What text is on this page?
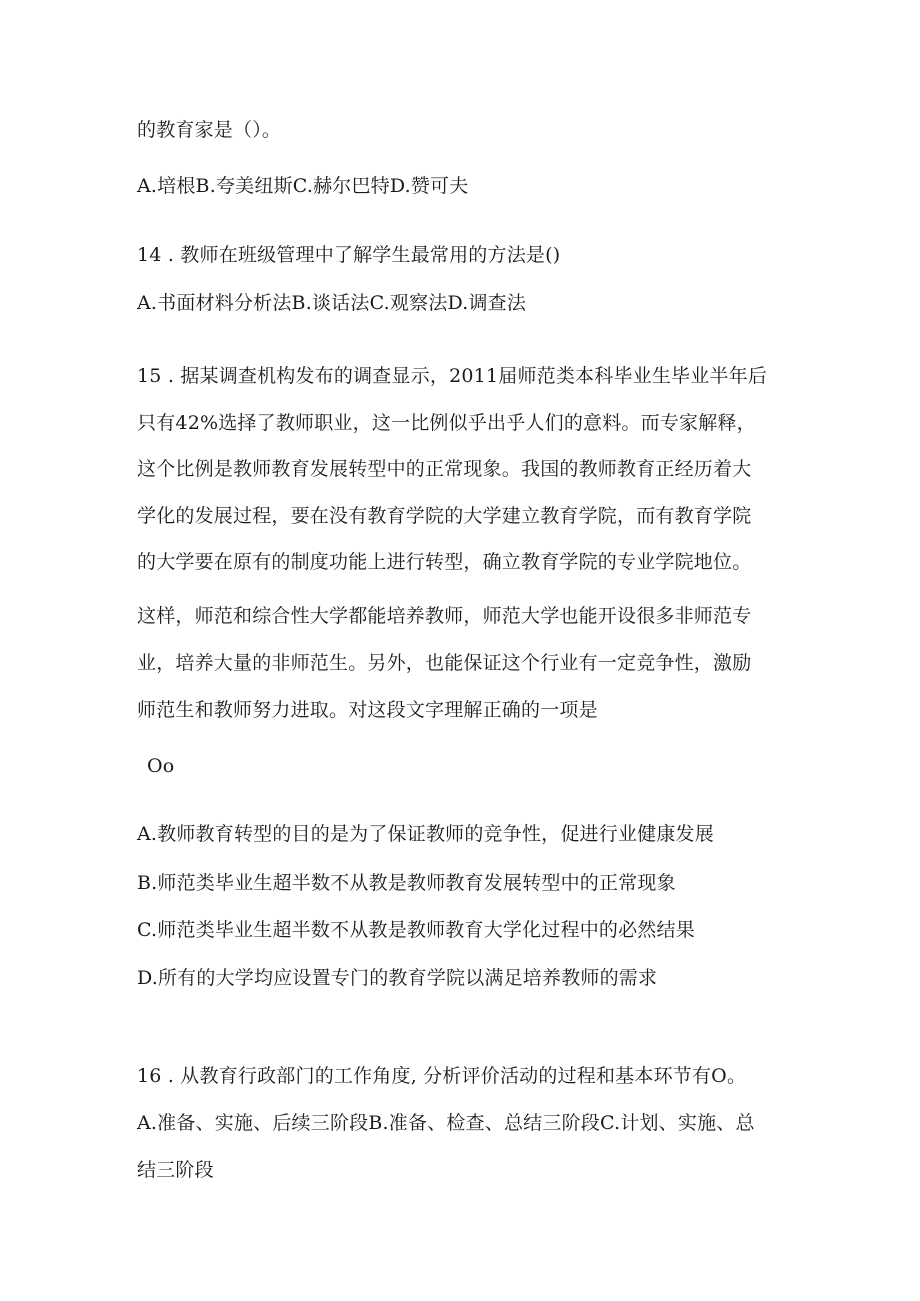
的教育家是（）。
A.培根B.夸美纽斯C.赫尔巴特D.赞可夫
14 . 教师在班级管理中了解学生最常用的方法是()
A.书面材料分析法B.谈话法C.观察法D.调查法
15 . 据某调查机构发布的调查显示，2011届师范类本科毕业生毕业半年后
只有42%选择了教师职业，这一比例似乎出乎人们的意料。而专家解释，
这个比例是教师教育发展转型中的正常现象。我国的教师教育正经历着大
学化的发展过程，要在没有教育学院的大学建立教育学院，而有教育学院
的大学要在原有的制度功能上进行转型，确立教育学院的专业学院地位。
这样，师范和综合性大学都能培养教师，师范大学也能开设很多非师范专
业，培养大量的非师范生。另外，也能保证这个行业有一定竞争性，激励
师范生和教师努力进取。对这段文字理解正确的一项是
Oo
A.教师教育转型的目的是为了保证教师的竞争性，促进行业健康发展
B.师范类毕业生超半数不从教是教师教育发展转型中的正常现象
C.师范类毕业生超半数不从教是教师教育大学化过程中的必然结果
D.所有的大学均应设置专门的教育学院以满足培养教师的需求
16 . 从教育行政部门的工作角度, 分析评价活动的过程和基本环节有O。
A.准备、实施、后续三阶段B.准备、检查、总结三阶段C.计划、实施、总
结三阶段
